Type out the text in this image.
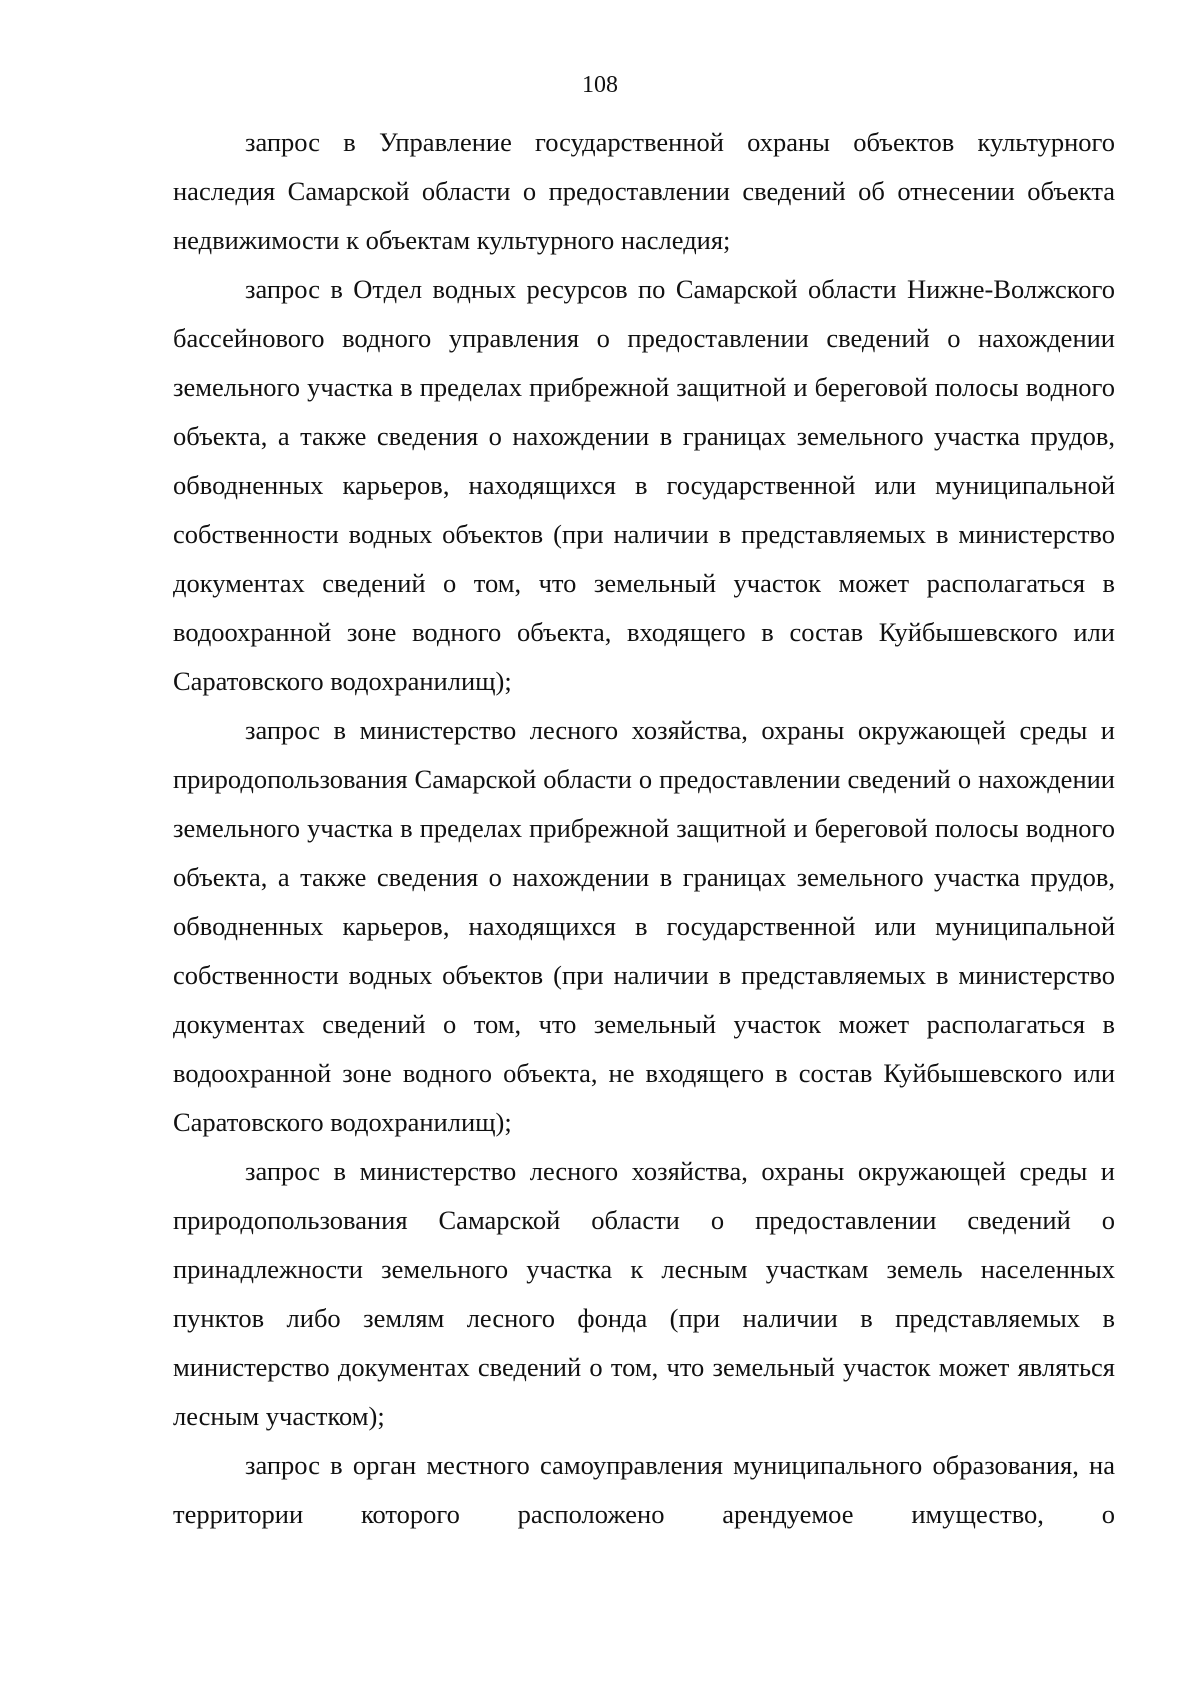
108

запрос в Управление государственной охраны объектов культурного наследия Самарской области о предоставлении сведений об отнесении объекта недвижимости к объектам культурного наследия;

запрос в Отдел водных ресурсов по Самарской области Нижне-Волжского бассейнового водного управления о предоставлении сведений о нахождении земельного участка в пределах прибрежной защитной и береговой полосы водного объекта, а также сведения о нахождении в границах земельного участка прудов, обводненных карьеров, находящихся в государственной или муниципальной собственности водных объектов (при наличии в представляемых в министерство документах сведений о том, что земельный участок может располагаться в водоохранной зоне водного объекта, входящего в состав Куйбышевского или Саратовского водохранилищ);

запрос в министерство лесного хозяйства, охраны окружающей среды и природопользования Самарской области о предоставлении сведений о нахождении земельного участка в пределах прибрежной защитной и береговой полосы водного объекта, а также сведения о нахождении в границах земельного участка прудов, обводненных карьеров, находящихся в государственной или муниципальной собственности водных объектов (при наличии в представляемых в министерство документах сведений о том, что земельный участок может располагаться в водоохранной зоне водного объекта, не входящего в состав Куйбышевского или Саратовского водохранилищ);

запрос в министерство лесного хозяйства, охраны окружающей среды и природопользования Самарской области о предоставлении сведений о принадлежности земельного участка к лесным участкам земель населенных пунктов либо землям лесного фонда (при наличии в представляемых в министерство документах сведений о том, что земельный участок может являться лесным участком);

запрос в орган местного самоуправления муниципального образования, на территории которого расположено арендуемое имущество, о
